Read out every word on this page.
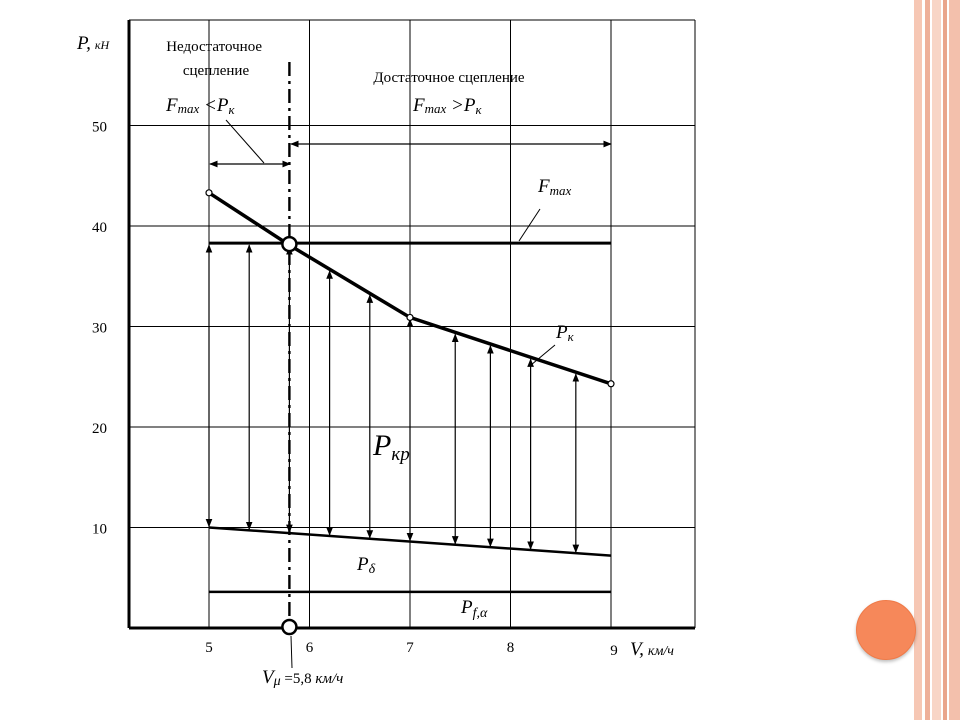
5	6	7	8	9
10
20
30
40
50
P, кН
V, км/ч
Недостаточное сцепление	Достаточное сцепление
Fmax <Pк	Fmax >Pк
Fmax
Pк
Pкр
Pδ
$P_{f,\alpha}$
Vμ =5,8 км/ч
